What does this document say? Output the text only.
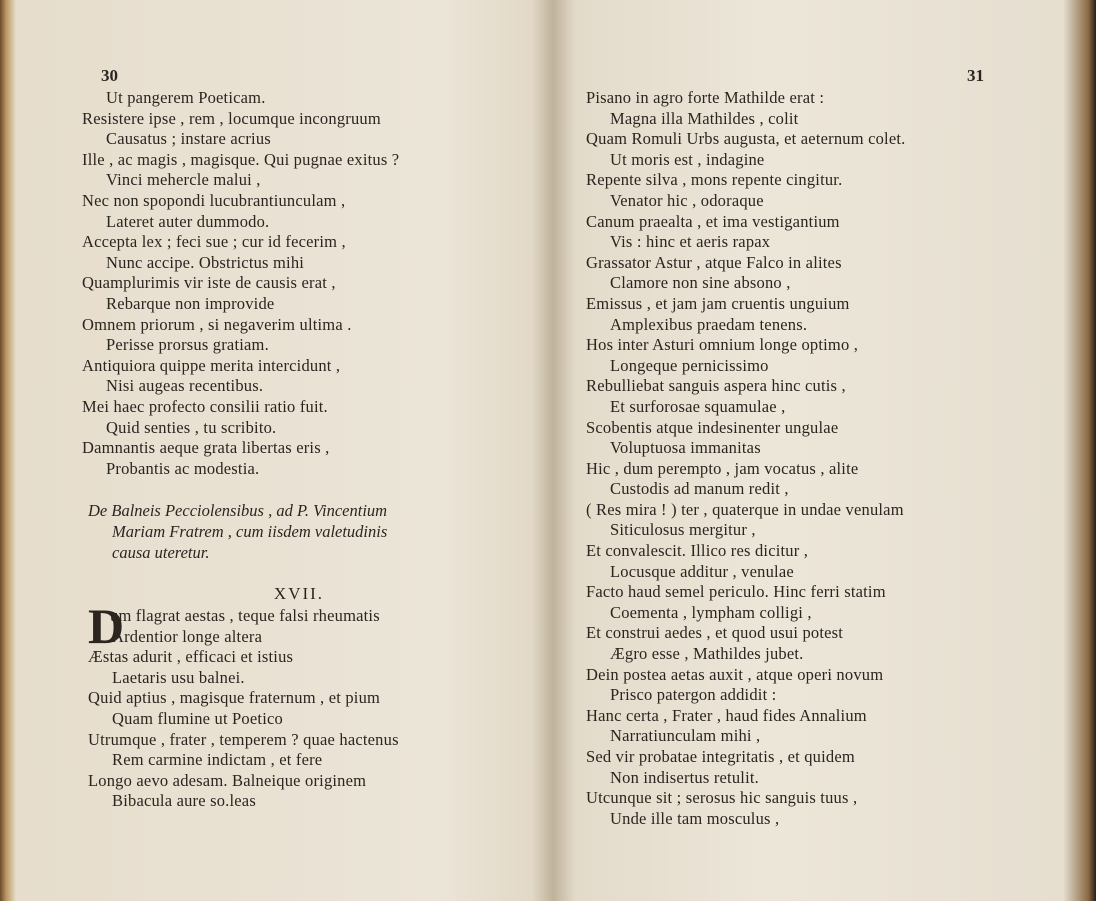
30
Ut pangerem Poeticam.
Resistere ipse , rem , locumque incongruum
Causatus ; instare acrius
Ille , ac magis , magisque. Qui pugnae exitus ?
Vinci mehercle malui ,
Nec non spopondi lucubrantiunculam ,
Lateret auter dummodo.
Accepta lex ; feci sue ; cur id fecerim ,
Nunc accipe. Obstrictus mihi
Quamplurimis vir iste de causis erat ,
Rebarque non improvide
Omnem priorum , si negaverim ultima .
Perisse prorsus gratiam.
Antiquiora quippe merita intercidunt ,
Nisi augeas recentibus.
Mei haec profecto consilii ratio fuit.
Quid senties , tu scribito.
Damnantis aeque grata libertas eris ,
Probantis ac modestia.

De Balneis Pecciolensibus , ad P. Vincentium

Mariam Fratrem , cum iisdem valetudinis

causa uteretur.

XVII.
D
um flagrat aestas , teque falsi rheumatis
Ardentior longe altera
Æstas adurit , efficaci et istius
Laetaris usu balnei.
Quid aptius , magisque fraternum , et pium
Quam flumine ut Poetico
Utrumque , frater , temperem ? quae hactenus
Rem carmine indictam , et fere
Longo aevo adesam. Balneique originem
Bibacula aure so.leas
31
Pisano in agro forte Mathilde erat :
Magna illa Mathildes , colit
Quam Romuli Urbs augusta, et aeternum colet.
Ut moris est , indagine
Repente silva , mons repente cingitur.
Venator hic , odoraque
Canum praealta , et ima vestigantium
Vis : hinc et aeris rapax
Grassator Astur , atque Falco in alites
Clamore non sine absono ,
Emissus , et jam jam cruentis unguium
Amplexibus praedam tenens.
Hos inter Asturi omnium longe optimo ,
Longeque pernicissimo
Rebulliebat sanguis aspera hinc cutis ,
Et surforosae squamulae ,
Scobentis atque indesinenter ungulae
Voluptuosa immanitas
Hic , dum perempto , jam vocatus , alite
Custodis ad manum redit ,
( Res mira ! ) ter , quaterque in undae venulam
Siticulosus mergitur ,
Et convalescit. Illico res dicitur ,
Locusque additur , venulae
Facto haud semel periculo. Hinc ferri statim
Coementa , lympham colligi ,
Et construi aedes , et quod usui potest
Ægro esse , Mathildes jubet.
Dein postea aetas auxit , atque operi novum
Prisco patergon addidit :
Hanc certa , Frater , haud fides Annalium
Narratiunculam mihi ,
Sed vir probatae integritatis , et quidem
Non indisertus retulit.
Utcunque sit ; serosus hic sanguis tuus ,
Unde ille tam mosculus ,
